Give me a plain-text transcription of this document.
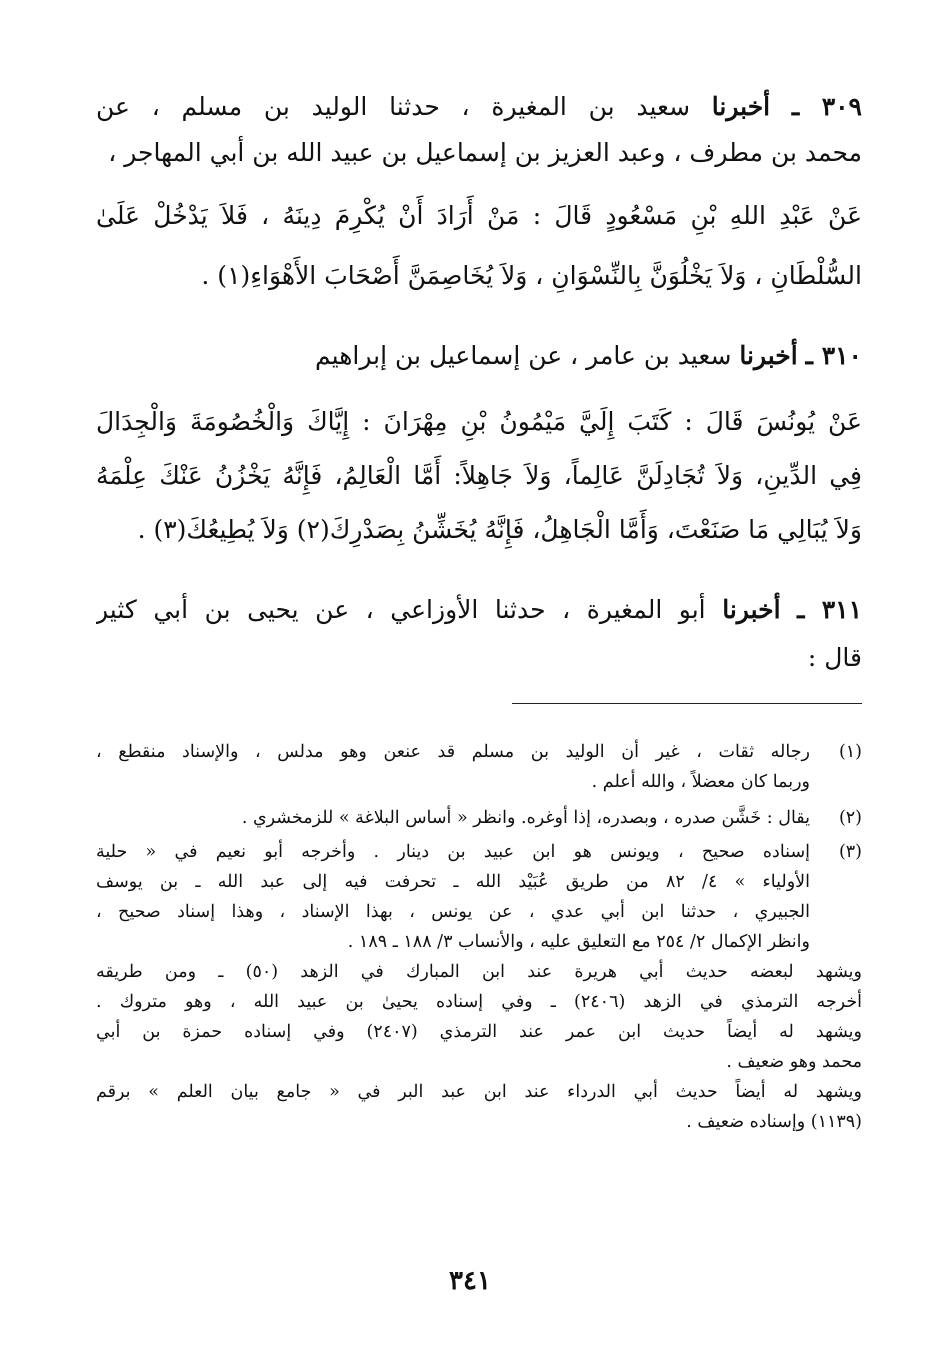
٣٠٩ ـ أخبرنا سعيد بن المغيرة ، حدثنا الوليد بن مسلم ، عن
محمد بن مطرف ، وعبد العزيز بن إسماعيل بن عبيد الله بن أبي المهاجر ،
عَنْ عَبْدِ اللهِ بْنِ مَسْعُودٍ قَالَ : مَنْ أَرَادَ أَنْ يُكْرِمَ دِينَهُ ، فَلاَ يَدْخُلْ عَلَىٰ
السُّلْطَانِ ، وَلاَ يَخْلُوَنَّ بِالنِّسْوَانِ ، وَلاَ يُخَاصِمَنَّ أَصْحَابَ الأَهْوَاءِ(١) .
٣١٠ ـ أخبرنا سعيد بن عامر ، عن إسماعيل بن إبراهيم
عَنْ يُونُسَ قَالَ : كَتَبَ إِلَيَّ مَيْمُونُ بْنِ مِهْرَانَ : إِيَّاكَ وَالْخُصُومَةَ وَالْجِدَالَ
فِي الدِّينِ، وَلاَ تُجَادِلَنَّ عَالِماً، وَلاَ جَاهِلاً: أَمَّا الْعَالِمُ، فَإِنَّهُ يَخْزُنُ عَنْكَ عِلْمَهُ
وَلاَ يُبَالِي مَا صَنَعْتَ، وَأَمَّا الْجَاهِلُ، فَإِنَّهُ يُخَشِّنُ بِصَدْرِكَ(٢) وَلاَ يُطِيعُكَ(٣) .
٣١١ ـ أخبرنا أبو المغيرة ، حدثنا الأوزاعي ، عن يحيى بن أبي كثير
قال :
(١)
رجاله ثقات ، غير أن الوليد بن مسلم قد عنعن وهو مدلس ، والإسناد منقطع ،
وربما كان معضلاً ، والله أعلم .
(٢)
يقال : خَشَّن صدره ، وبصدره، إذا أوغره. وانظر « أساس البلاغة » للزمخشري .
(٣)
إسناده صحيح ، ويونس هو ابن عبيد بن دينار . وأخرجه أبو نعيم في « حلية
الأولياء » ٤/ ٨٢ من طريق عُبَيْد الله ـ تحرفت فيه إلى عبد الله ـ بن يوسف
الجبيري ، حدثنا ابن أبي عدي ، عن يونس ، بهذا الإسناد ، وهذا إسناد صحيح ،
وانظر الإكمال ٢/ ٢٥٤ مع التعليق عليه ، والأنساب ٣/ ١٨٨ ـ ١٨٩ .
ويشهد لبعضه حديث أبي هريرة عند ابن المبارك في الزهد (٥٠) ـ ومن طريقه
أخرجه الترمذي في الزهد (٢٤٠٦) ـ وفي إسناده يحيىٰ بن عبيد الله ، وهو متروك .
ويشهد له أيضاً حديث ابن عمر عند الترمذي (٢٤٠٧) وفي إسناده حمزة بن أبي
محمد وهو ضعيف .
ويشهد له أيضاً حديث أبي الدرداء عند ابن عبد البر في « جامع بيان العلم » برقم
(١١٣٩) وإسناده ضعيف .
٣٤١
